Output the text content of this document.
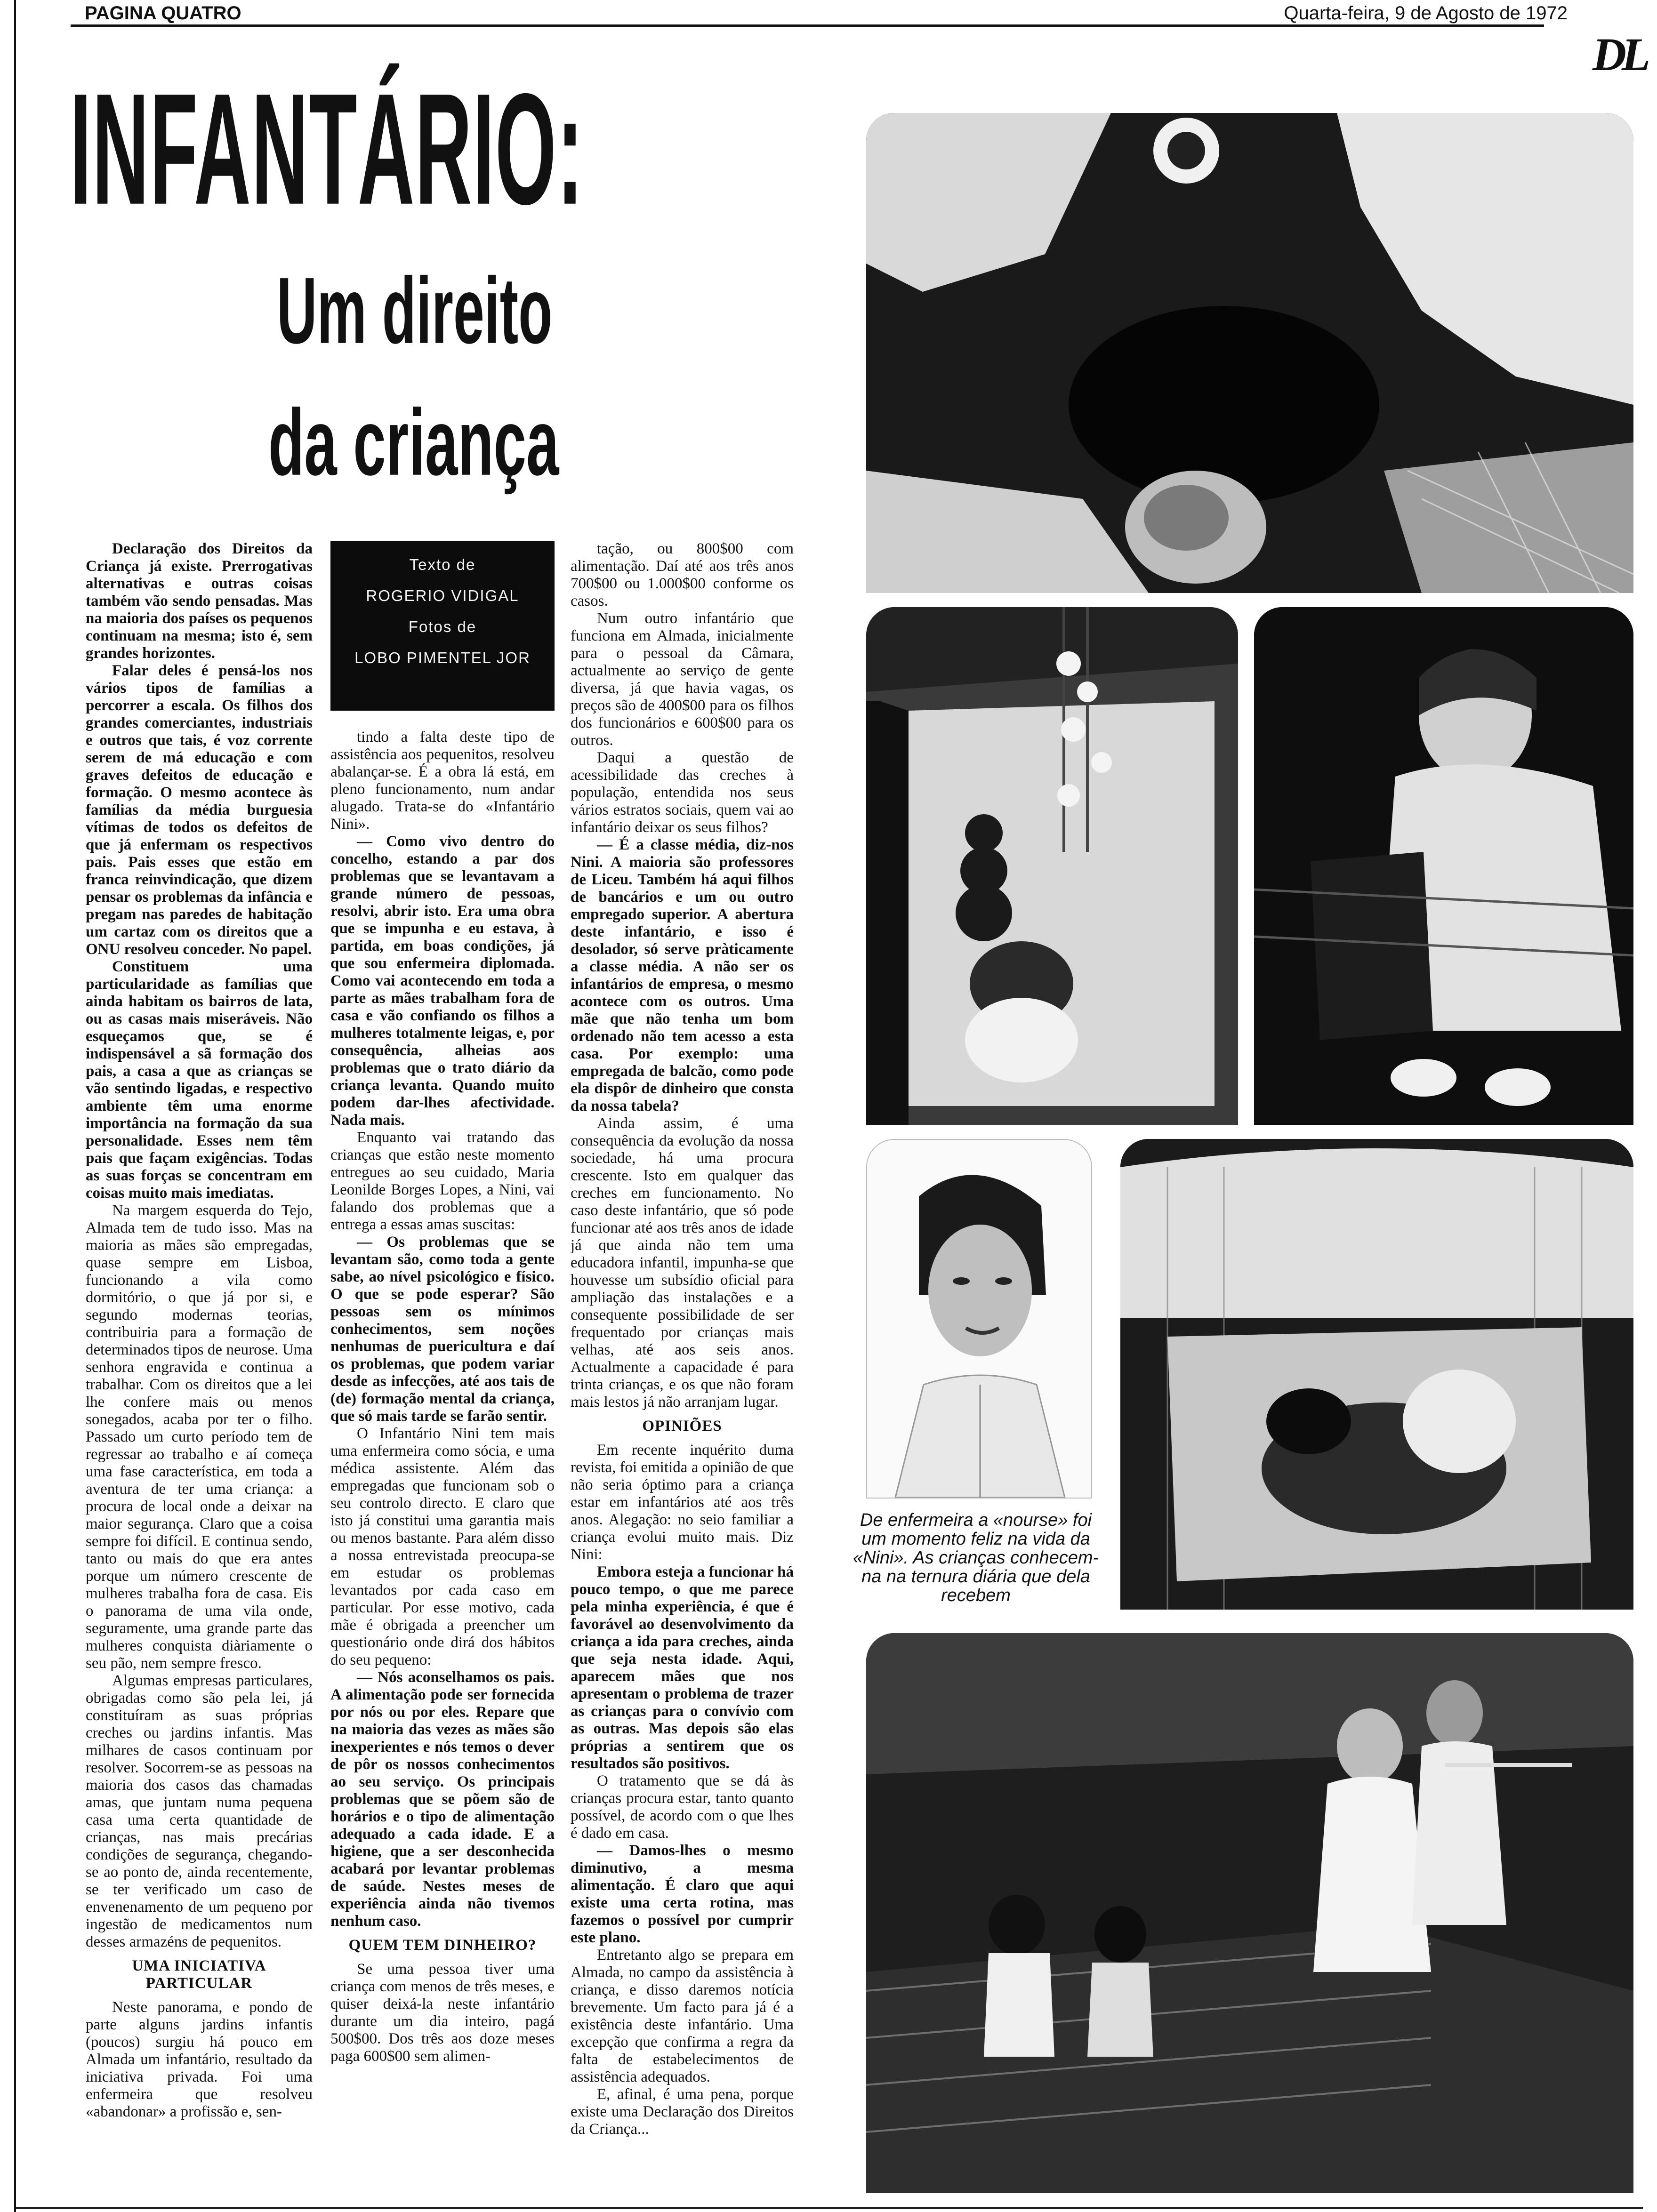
PAGINA QUATRO	Quarta-feira, 9 de Agosto de 1972
DL
INFANTÁRIO:
Um direito
da criança
Texto de
ROGERIO VIDIGAL
Fotos de
LOBO PIMENTEL JOR

Declaração dos Direitos da Criança já existe. Prerrogativas alternativas e outras coisas também vão sendo pensadas. Mas na maioria dos países os pequenos continuam na mesma; isto é, sem grandes horizontes.

Falar deles é pensá-los nos vários tipos de famílias a percorrer a escala. Os filhos dos grandes comerciantes, industriais e outros que tais, é voz corrente serem de má educação e com graves defeitos de educação e formação. O mesmo acontece às famílias da média burguesia vítimas de todos os defeitos de que já enfermam os respectivos pais. Pais esses que estão em franca reinvindicação, que dizem pensar os problemas da infância e pregam nas paredes de habitação um cartaz com os direitos que a ONU resolveu conceder. No papel.

Constituem uma particularidade as famílias que ainda habitam os bairros de lata, ou as casas mais miseráveis. Não esqueçamos que, se é indispensável a sã formação dos pais, a casa a que as crianças se vão sentindo ligadas, e respectivo ambiente têm uma enorme importância na formação da sua personalidade. Esses nem têm pais que façam exigências. Todas as suas forças se concentram em coisas muito mais imediatas.

Na margem esquerda do Tejo, Almada tem de tudo isso. Mas na maioria as mães são empregadas, quase sempre em Lisboa, funcionando a vila como dormitório, o que já por si, e segundo modernas teorias, contribuiria para a formação de determinados tipos de neurose. Uma senhora engravida e continua a trabalhar. Com os direitos que a lei lhe confere mais ou menos sonegados, acaba por ter o filho. Passado um curto período tem de regressar ao trabalho e aí começa uma fase característica, em toda a aventura de ter uma criança: a procura de local onde a deixar na maior segurança. Claro que a coisa sempre foi difícil. E continua sendo, tanto ou mais do que era antes porque um número crescente de mulheres trabalha fora de casa. Eis o panorama de uma vila onde, seguramente, uma grande parte das mulheres conquista diàriamente o seu pão, nem sempre fresco.

Algumas empresas particulares, obrigadas como são pela lei, já constituíram as suas próprias creches ou jardins infantis. Mas milhares de casos continuam por resolver. Socorrem-se as pessoas na maioria dos casos das chamadas amas, que juntam numa pequena casa uma certa quantidade de crianças, nas mais precárias condições de segurança, chegando-se ao ponto de, ainda recentemente, se ter verificado um caso de envenenamento de um pequeno por ingestão de medicamentos num desses armazéns de pequenitos.

UMA INICIATIVA PARTICULAR

Neste panorama, e pondo de parte alguns jardins infantis (poucos) surgiu há pouco em Almada um infantário, resultado da iniciativa privada. Foi uma enfermeira que resolveu «abandonar» a profissão e, sen-

tindo a falta deste tipo de assistência aos pequenitos, resolveu abalançar-se. É a obra lá está, em pleno funcionamento, num andar alugado. Trata-se do «Infantário Nini».

— Como vivo dentro do concelho, estando a par dos problemas que se levantavam a grande número de pessoas, resolvi, abrir isto. Era uma obra que se impunha e eu estava, à partida, em boas condições, já que sou enfermeira diplomada. Como vai acontecendo em toda a parte as mães trabalham fora de casa e vão confiando os filhos a mulheres totalmente leigas, e, por consequência, alheias aos problemas que o trato diário da criança levanta. Quando muito podem dar-lhes afectividade. Nada mais.

Enquanto vai tratando das crianças que estão neste momento entregues ao seu cuidado, Maria Leonilde Borges Lopes, a Nini, vai falando dos problemas que a entrega a essas amas suscitas:

— Os problemas que se levantam são, como toda a gente sabe, ao nível psicológico e físico. O que se pode esperar? São pessoas sem os mínimos conhecimentos, sem noções nenhumas de puericultura e daí os problemas, que podem variar desde as infecções, até aos tais de (de) formação mental da criança, que só mais tarde se farão sentir.

O Infantário Nini tem mais uma enfermeira como sócia, e uma médica assistente. Além das empregadas que funcionam sob o seu controlo directo. E claro que isto já constitui uma garantia mais ou menos bastante. Para além disso a nossa entrevistada preocupa-se em estudar os problemas levantados por cada caso em particular. Por esse motivo, cada mãe é obrigada a preencher um questionário onde dirá dos hábitos do seu pequeno:

— Nós aconselhamos os pais. A alimentação pode ser fornecida por nós ou por eles. Repare que na maioria das vezes as mães são inexperientes e nós temos o dever de pôr os nossos conhecimentos ao seu serviço. Os principais problemas que se põem são de horários e o tipo de alimentação adequado a cada idade. E a higiene, que a ser desconhecida acabará por levantar problemas de saúde. Nestes meses de experiência ainda não tivemos nenhum caso.

QUEM TEM DINHEIRO?

Se uma pessoa tiver uma criança com menos de três meses, e quiser deixá-la neste infantário durante um dia inteiro, pagá 500$00. Dos três aos doze meses paga 600$00 sem alimen-

tação, ou 800$00 com alimentação. Daí até aos três anos 700$00 ou 1.000$00 conforme os casos.

Num outro infantário que funciona em Almada, inicialmente para o pessoal da Câmara, actualmente ao serviço de gente diversa, já que havia vagas, os preços são de 400$00 para os filhos dos funcionários e 600$00 para os outros.

Daqui a questão de acessibilidade das creches à população, entendida nos seus vários estratos sociais, quem vai ao infantário deixar os seus filhos?

— É a classe média, diz-nos Nini. A maioria são professores de Liceu. Também há aqui filhos de bancários e um ou outro empregado superior. A abertura deste infantário, e isso é desolador, só serve pràticamente a classe média. A não ser os infantários de empresa, o mesmo acontece com os outros. Uma mãe que não tenha um bom ordenado não tem acesso a esta casa. Por exemplo: uma empregada de balcão, como pode ela dispôr de dinheiro que consta da nossa tabela?

Ainda assim, é uma consequência da evolução da nossa sociedade, há uma procura crescente. Isto em qualquer das creches em funcionamento. No caso deste infantário, que só pode funcionar até aos três anos de idade já que ainda não tem uma educadora infantil, impunha-se que houvesse um subsídio oficial para ampliação das instalações e a consequente possibilidade de ser frequentado por crianças mais velhas, até aos seis anos. Actualmente a capacidade é para trinta crianças, e os que não foram mais lestos já não arranjam lugar.

OPINIÕES

Em recente inquérito duma revista, foi emitida a opinião de que não seria óptimo para a criança estar em infantários até aos três anos. Alegação: no seio familiar a criança evolui muito mais. Diz Nini:

Embora esteja a funcionar há pouco tempo, o que me parece pela minha experiência, é que é favorável ao desenvolvimento da criança a ida para creches, ainda que seja nesta idade. Aqui, aparecem mães que nos apresentam o problema de trazer as crianças para o convívio com as outras. Mas depois são elas próprias a sentirem que os resultados são positivos.

O tratamento que se dá às crianças procura estar, tanto quanto possível, de acordo com o que lhes é dado em casa.

— Damos-lhes o mesmo diminutivo, a mesma alimentação. É claro que aqui existe uma certa rotina, mas fazemos o possível por cumprir este plano.

Entretanto algo se prepara em Almada, no campo da assistência à criança, e disso daremos notícia brevemente. Um facto para já é a existência deste infantário. Uma excepção que confirma a regra da falta de estabelecimentos de assistência adequados.

E, afinal, é uma pena, porque existe uma Declaração dos Direitos da Criança...

De enfermeira a «nourse» foi um momento feliz na vida da «Nini». As crianças conhecem-na na ternura diária que dela recebem
